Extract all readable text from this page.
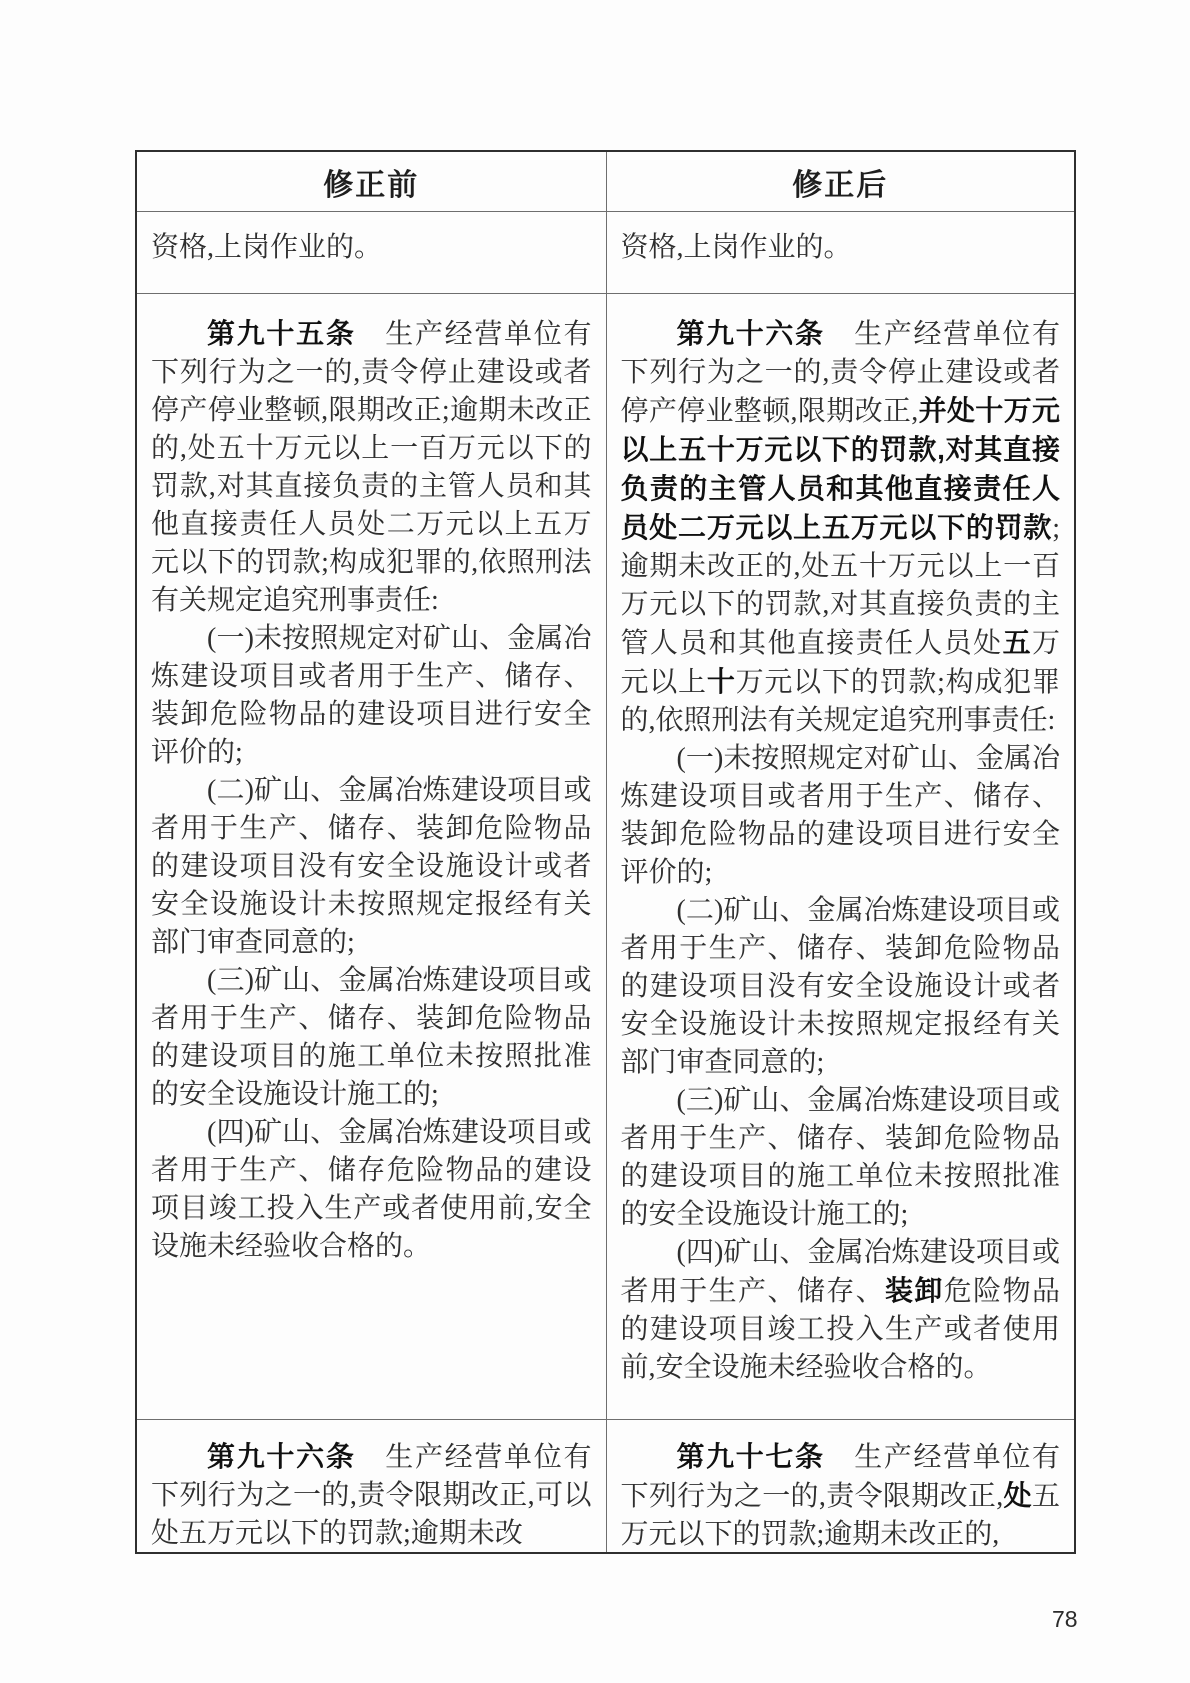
修正前	修正后

资格,上岗作业的。	资格,上岗作业的。

第九十五条　生产经营单位有下列行为之一的,责令停止建设或者停产停业整顿,限期改正;逾期未改正的,处五十万元以上一百万元以下的罚款,对其直接负责的主管人员和其他直接责任人员处二万元以上五万元以下的罚款;构成犯罪的,依照刑法有关规定追究刑事责任:

(一)未按照规定对矿山、金属冶炼建设项目或者用于生产、储存、装卸危险物品的建设项目进行安全评价的;

(二)矿山、金属冶炼建设项目或者用于生产、储存、装卸危险物品的建设项目没有安全设施设计或者安全设施设计未按照规定报经有关部门审查同意的;

(三)矿山、金属冶炼建设项目或者用于生产、储存、装卸危险物品的建设项目的施工单位未按照批准的安全设施设计施工的;

(四)矿山、金属冶炼建设项目或者用于生产、储存危险物品的建设项目竣工投入生产或者使用前,安全设施未经验收合格的。

第九十六条　生产经营单位有下列行为之一的,责令停止建设或者停产停业整顿,限期改正,并处十万元以上五十万元以下的罚款,对其直接负责的主管人员和其他直接责任人员处二万元以上五万元以下的罚款;逾期未改正的,处五十万元以上一百万元以下的罚款,对其直接负责的主管人员和其他直接责任人员处五万元以上十万元以下的罚款;构成犯罪的,依照刑法有关规定追究刑事责任:

(一)未按照规定对矿山、金属冶炼建设项目或者用于生产、储存、装卸危险物品的建设项目进行安全评价的;

(二)矿山、金属冶炼建设项目或者用于生产、储存、装卸危险物品的建设项目没有安全设施设计或者安全设施设计未按照规定报经有关部门审查同意的;

(三)矿山、金属冶炼建设项目或者用于生产、储存、装卸危险物品的建设项目的施工单位未按照批准的安全设施设计施工的;

(四)矿山、金属冶炼建设项目或者用于生产、储存、装卸危险物品的建设项目竣工投入生产或者使用前,安全设施未经验收合格的。

第九十六条　生产经营单位有下列行为之一的,责令限期改正,可以处五万元以下的罚款;逾期未改

第九十七条　生产经营单位有下列行为之一的,责令限期改正,处五万元以下的罚款;逾期未改正的,

78
